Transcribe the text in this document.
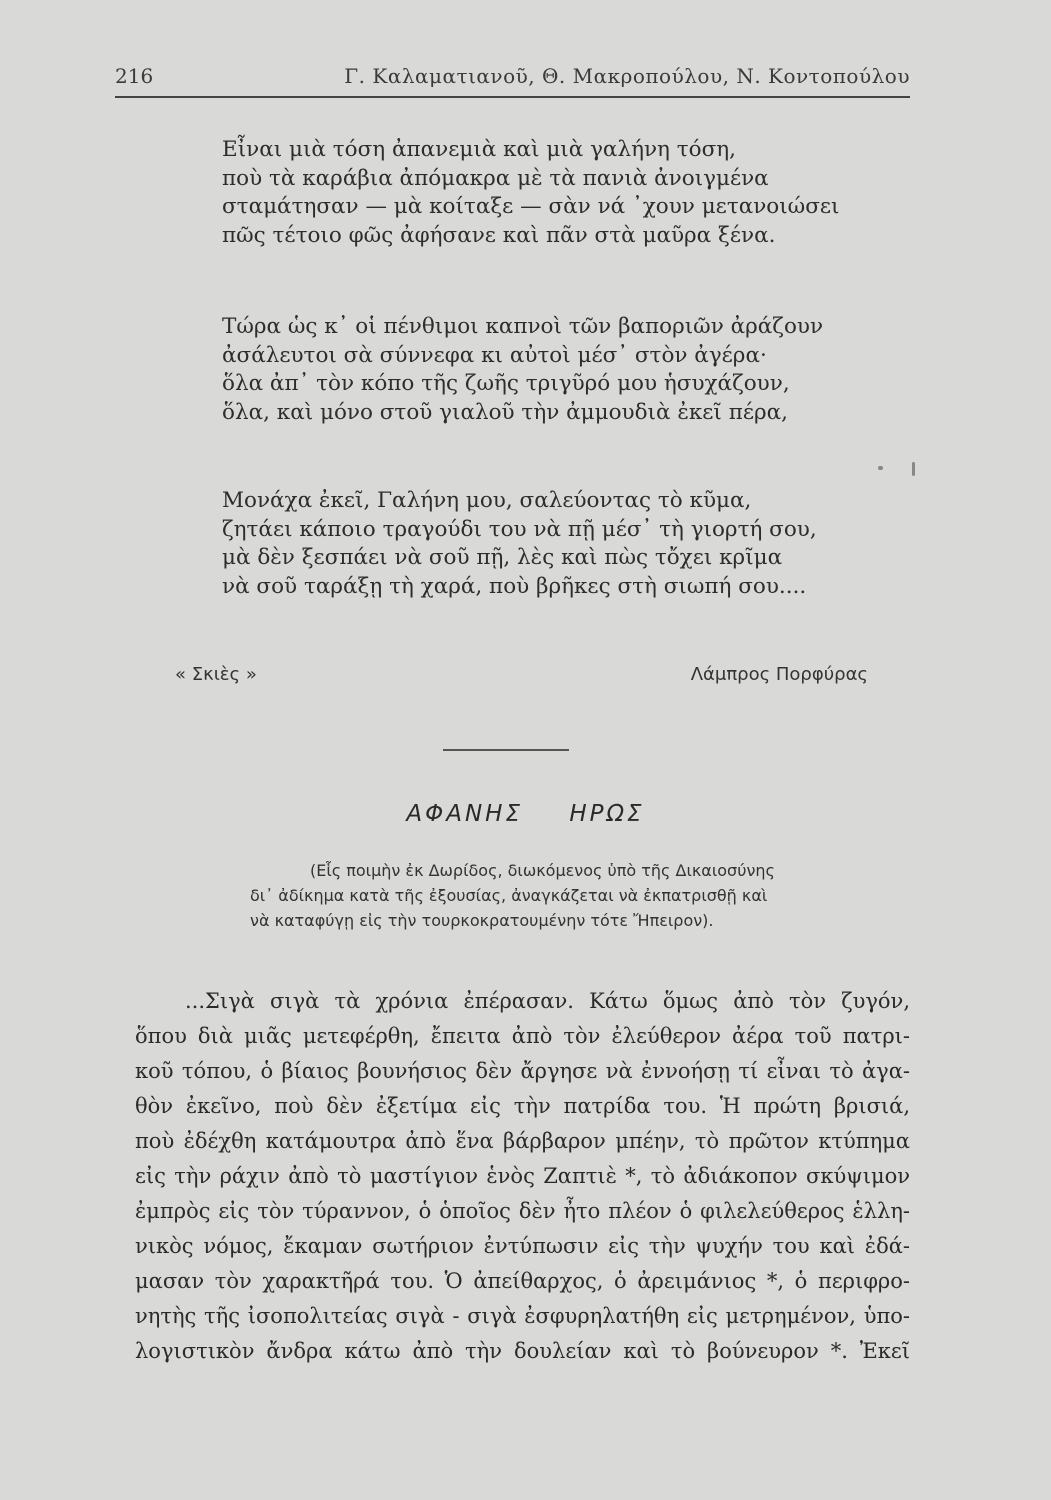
216	Γ. Καλαματιανοῦ, Θ. Μακροπούλου, Ν. Κοντοπούλου
Εἶναι μιὰ τόση ἀπανεμιὰ καὶ μιὰ γαλήνη τόση,
ποὺ τὰ καράβια ἀπόμακρα μὲ τὰ πανιὰ ἀνοιγμένα
σταμάτησαν — μὰ κοίταξε — σὰν νά ᾽χουν μετανοιώσει
πῶς τέτοιο φῶς ἀφήσανε καὶ πᾶν στὰ μαῦρα ξένα.
Τώρα ὡς κ᾽ οἱ πένθιμοι καπνοὶ τῶν βαποριῶν ἀράζουν
ἀσάλευτοι σὰ σύννεφα κι αὐτοὶ μέσ᾽ στὸν ἀγέρα·
ὅλα ἀπ᾽ τὸν κόπο τῆς ζωῆς τριγῦρό μου ἡσυχάζουν,
ὅλα, καὶ μόνο στοῦ γιαλοῦ τὴν ἀμμουδιὰ ἐκεῖ πέρα,
Μονάχα ἐκεῖ, Γαλήνη μου, σαλεύοντας τὸ κῦμα,
ζητάει κάποιο τραγούδι του νὰ πῇ μέσ᾽ τὴ γιορτή σου,
μὰ δὲν ξεσπάει νὰ σοῦ πῇ, λὲς καὶ πὼς τὄχει κρῖμα
νὰ σοῦ ταράξῃ τὴ χαρά, ποὺ βρῆκες στὴ σιωπή σου....
« Σκιὲς »	Λάμπρος Πορφύρας
ΑΦΑΝΗΣ ΗΡΩΣ
(Εἷς ποιμὴν ἐκ Δωρίδος, διωκόμενος ὑπὸ τῆς Δικαιοσύνης
δι᾽ ἀδίκημα κατὰ τῆς ἐξουσίας, ἀναγκάζεται νὰ ἐκπατρισθῇ καὶ
νὰ καταφύγῃ εἰς τὴν τουρκοκρατουμένην τότε Ἤπειρον).
...Σιγὰ σιγὰ τὰ χρόνια ἐπέρασαν. Κάτω ὅμως ἀπὸ τὸν ζυγόν,
ὅπου διὰ μιᾶς μετεφέρθη, ἔπειτα ἀπὸ τὸν ἐλεύθερον ἀέρα τοῦ πατρι-
κοῦ τόπου, ὁ βίαιος βουνήσιος δὲν ἄργησε νὰ ἐννοήσῃ τί εἶναι τὸ ἀγα-
θὸν ἐκεῖνο, ποὺ δὲν ἐξετίμα εἰς τὴν πατρίδα του. Ἡ πρώτη βρισιά,
ποὺ ἐδέχθη κατάμουτρα ἀπὸ ἕνα βάρβαρον μπέην, τὸ πρῶτον κτύπημα
εἰς τὴν ράχιν ἀπὸ τὸ μαστίγιον ἑνὸς Ζαπτιὲ *, τὸ ἀδιάκοπον σκύψιμον
ἐμπρὸς εἰς τὸν τύραννον, ὁ ὁποῖος δὲν ἦτο πλέον ὁ φιλελεύθερος ἑλλη-
νικὸς νόμος, ἔκαμαν σωτήριον ἐντύπωσιν εἰς τὴν ψυχήν του καὶ ἐδά-
μασαν τὸν χαρακτῆρά του. Ὁ ἀπείθαρχος, ὁ ἀρειμάνιος *, ὁ περιφρο-
νητὴς τῆς ἰσοπολιτείας σιγὰ - σιγὰ ἐσφυρηλατήθη εἰς μετρημένον, ὑπο-
λογιστικὸν ἄνδρα κάτω ἀπὸ τὴν δουλείαν καὶ τὸ βούνευρον *. Ἐκεῖ
